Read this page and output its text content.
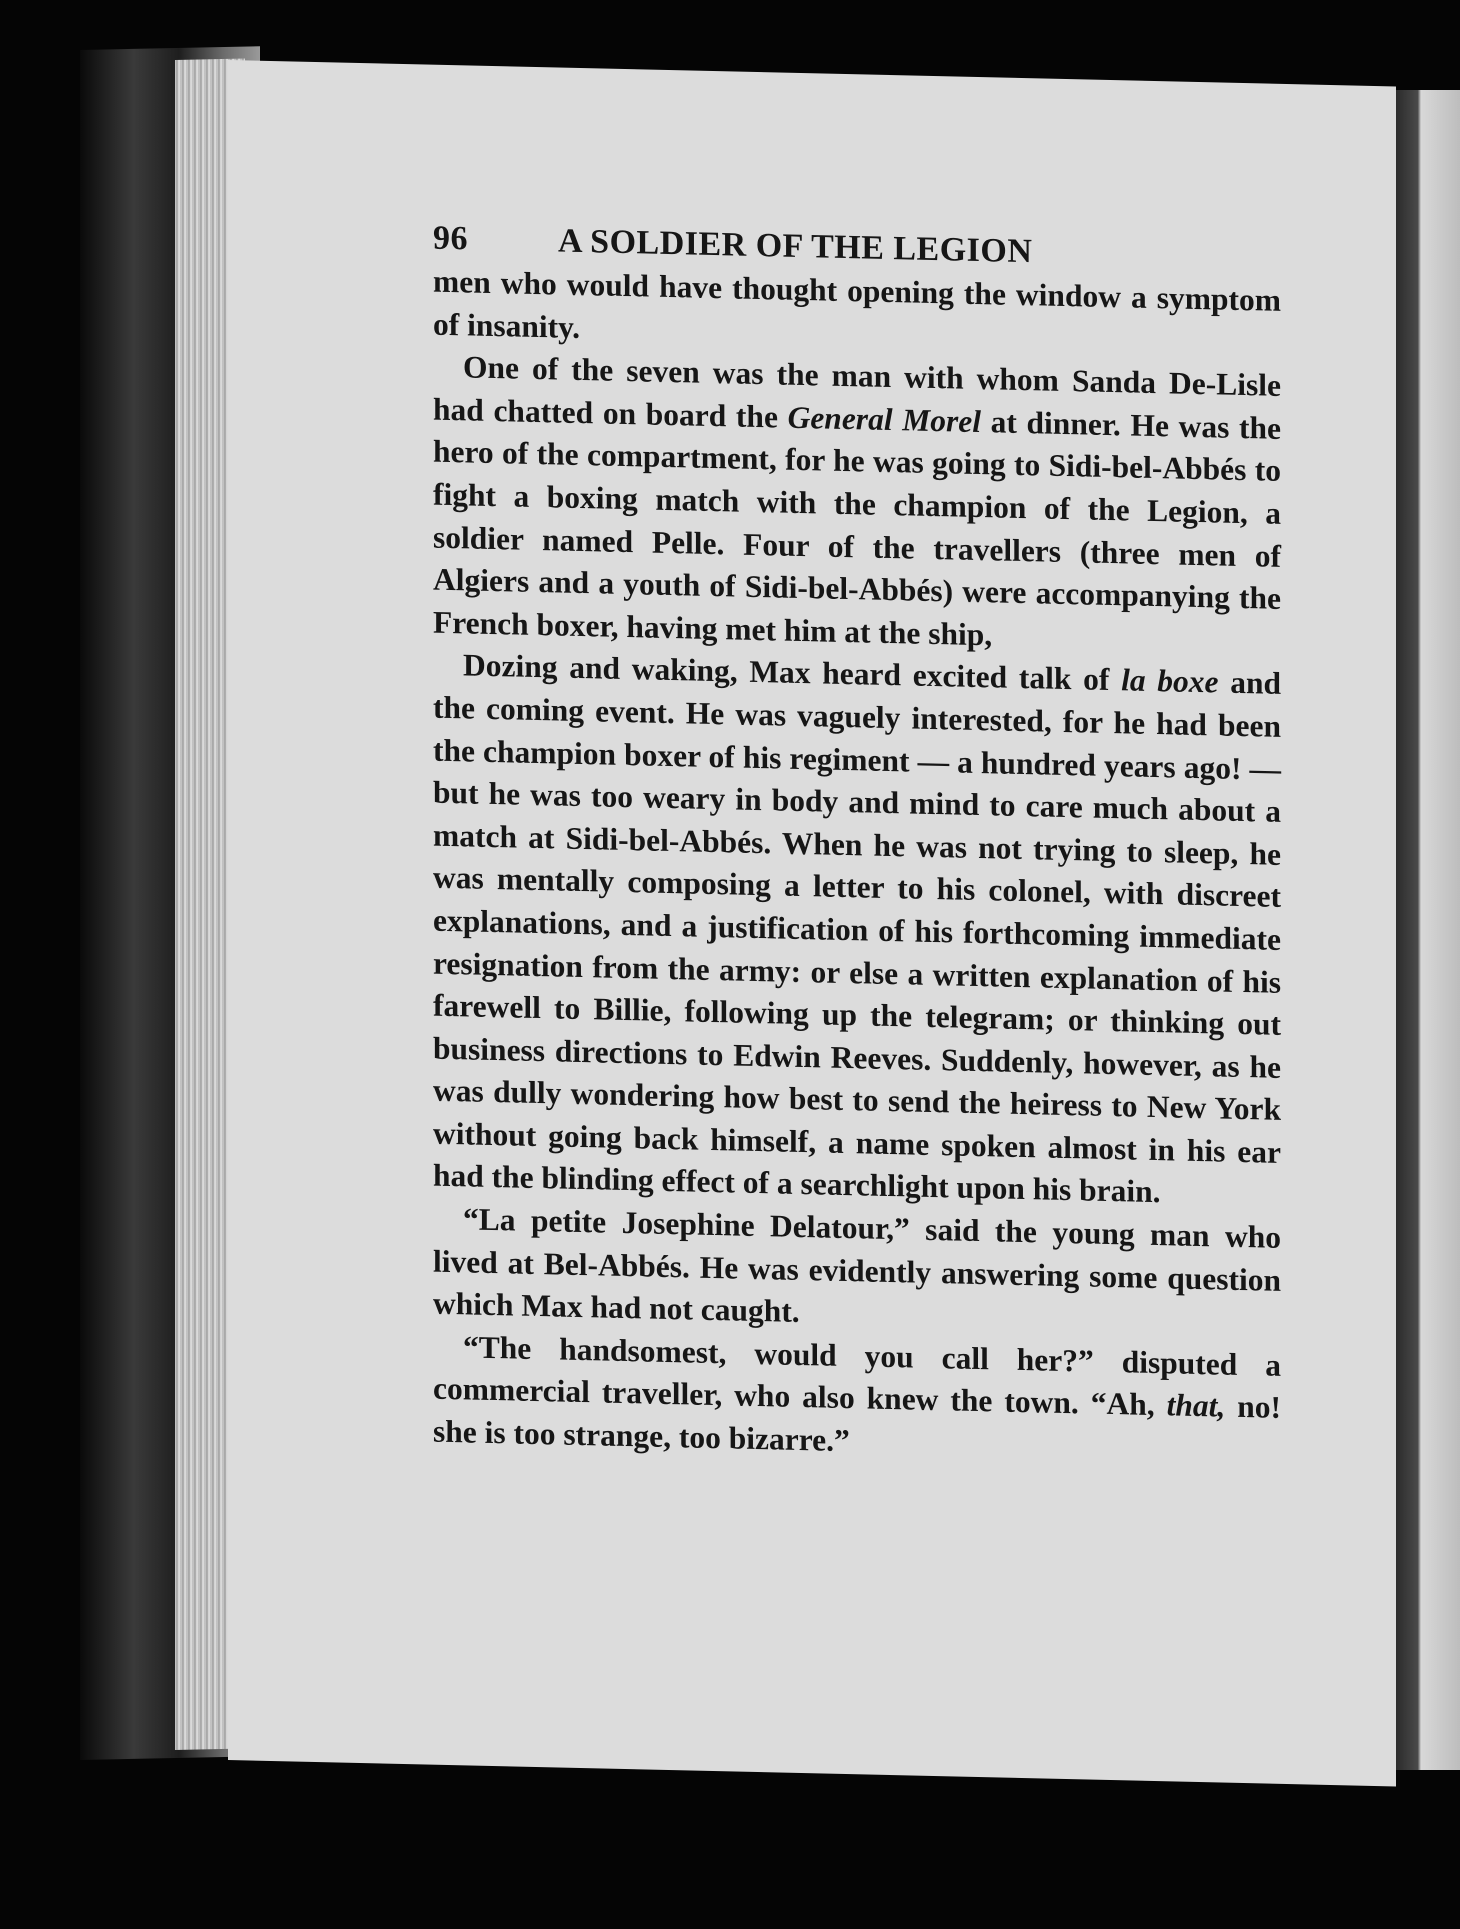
96	A SOLDIER OF THE LEGION

men who would have thought opening the window a symptom of insanity.

One of the seven was the man with whom Sanda De-Lisle had chatted on board the General Morel at dinner. He was the hero of the compartment, for he was going to Sidi-bel-Abbés to fight a boxing match with the champion of the Legion, a soldier named Pelle. Four of the travellers (three men of Algiers and a youth of Sidi-bel-Abbés) were accompanying the French boxer, having met him at the ship,

Dozing and waking, Max heard excited talk of la boxe and the coming event. He was vaguely interested, for he had been the champion boxer of his regiment — a hundred years ago! — but he was too weary in body and mind to care much about a match at Sidi-bel-Abbés. When he was not trying to sleep, he was mentally composing a letter to his colonel, with discreet explanations, and a justification of his forthcoming immediate resignation from the army: or else a written explanation of his farewell to Billie, following up the telegram; or thinking out business directions to Edwin Reeves. Suddenly, however, as he was dully wondering how best to send the heiress to New York without going back himself, a name spoken almost in his ear had the blinding effect of a searchlight upon his brain.

“La petite Josephine Delatour,” said the young man who lived at Bel-Abbés. He was evidently answering some question which Max had not caught.

“The handsomest, would you call her?” disputed a commercial traveller, who also knew the town. “Ah, that, no! she is too strange, too bizarre.”
